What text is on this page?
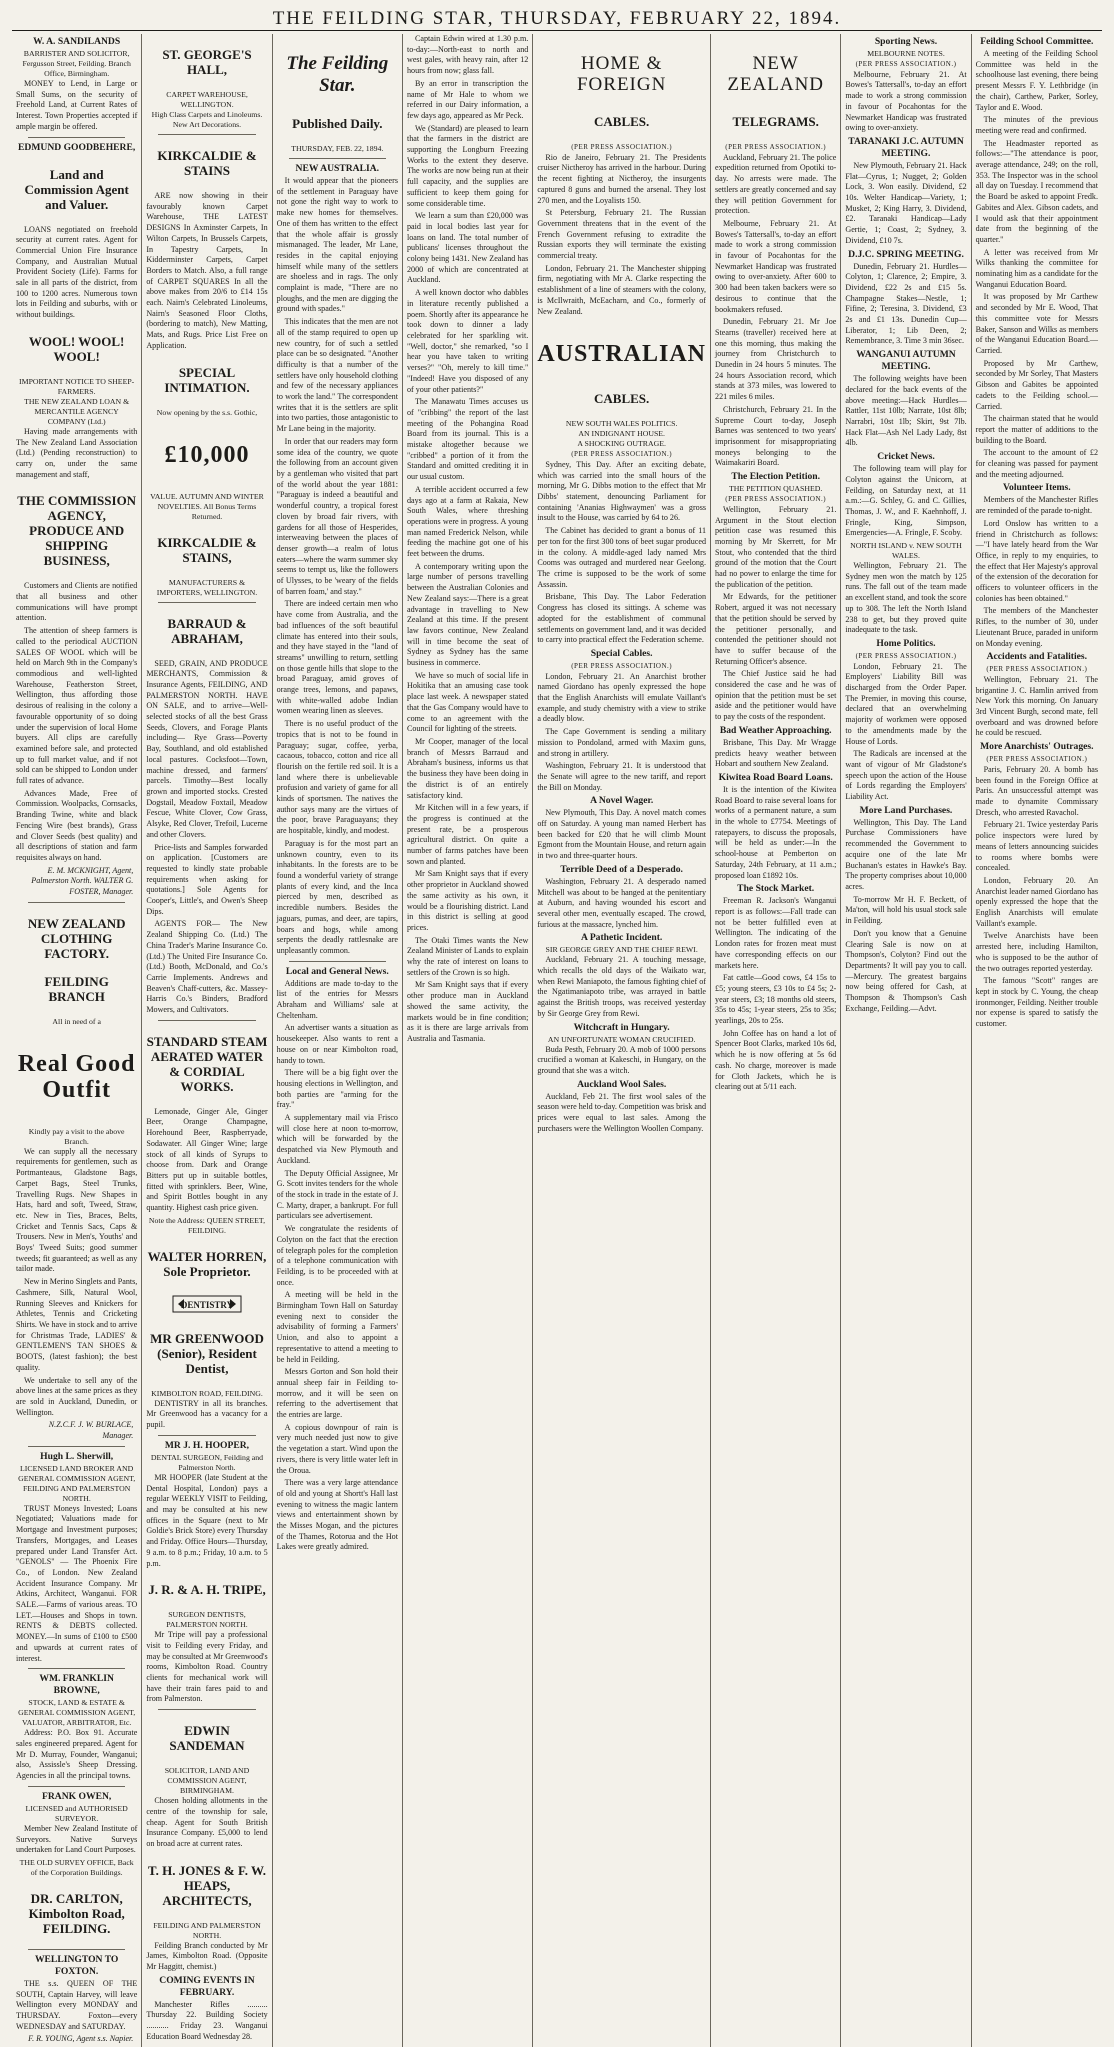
THE FEILDING STAR, THURSDAY, FEBRUARY 22, 1894.

W. A. SANDILANDS

BARRISTER AND SOLICITOR, Fergusson Street, Feilding. Branch Office, Birmingham.

MONEY to Lend, in Large or Small Sums, on the security of Freehold Land, at Current Rates of Interest. Town Properties accepted if ample margin be offered.

EDMUND GOODBEHERE,

Land and Commission Agent and Valuer.

LOANS negotiated on freehold security at current rates. Agent for Commercial Union Fire Insurance Company, and Australian Mutual Provident Society (Life). Farms for sale in all parts of the district, from 100 to 1200 acres. Numerous town lots in Feilding and suburbs, with or without buildings.

WOOL! WOOL! WOOL!

IMPORTANT NOTICE TO SHEEP-FARMERS.

THE NEW ZEALAND LOAN & MERCANTILE AGENCY COMPANY (Ltd.)

Having made arrangements with The New Zealand Land Association (Ltd.) (Pending reconstruction) to carry on, under the same management and staff,

THE COMMISSION AGENCY, PRODUCE AND SHIPPING BUSINESS,

Customers and Clients are notified that all business and other communications will have prompt attention.

The attention of sheep farmers is called to the periodical AUCTION SALES OF WOOL which will be held on March 9th in the Company's commodious and well-lighted Warehouse, Featherston Street, Wellington, thus affording those desirous of realising in the colony a favourable opportunity of so doing under the supervision of local Home buyers. All clips are carefully examined before sale, and protected up to full market value, and if not sold can be shipped to London under full rates of advance.

Advances Made, Free of Commission. Woolpacks, Cornsacks, Branding Twine, white and black Fencing Wire (best brands), Grass and Clover Seeds (best quality) and all descriptions of station and farm requisites always on hand.

E. M. MCKNIGHT, Agent, Palmerston North. WALTER G. FOSTER, Manager.

NEW ZEALAND CLOTHING FACTORY.

FEILDING BRANCH

All in need of a

Real Good Outfit

Kindly pay a visit to the above Branch.

We can supply all the necessary requirements for gentlemen, such as Portmanteaus, Gladstone Bags, Carpet Bags, Steel Trunks, Travelling Rugs. New Shapes in Hats, hard and soft, Tweed, Straw, etc. New in Ties, Braces, Belts, Cricket and Tennis Sacs, Caps & Trousers. New in Men's, Youths' and Boys' Tweed Suits; good summer tweeds; fit guaranteed; as well as any tailor made.

New in Merino Singlets and Pants, Cashmere, Silk, Natural Wool, Running Sleeves and Knickers for Athletes, Tennis and Cricketing Shirts. We have in stock and to arrive for Christmas Trade, LADIES' & GENTLEMEN'S TAN SHOES & BOOTS, (latest fashion); the best quality.

We undertake to sell any of the above lines at the same prices as they are sold in Auckland, Dunedin, or Wellington.

N.Z.C.F. J. W. BURLACE, Manager.

Hugh L. Sherwill,

LICENSED LAND BROKER AND GENERAL COMMISSION AGENT, FEILDING AND PALMERSTON NORTH.

TRUST Moneys Invested; Loans Negotiated; Valuations made for Mortgage and Investment purposes; Transfers, Mortgages, and Leases prepared under Land Transfer Act. "GENOLS" — The Phoenix Fire Co., of London. New Zealand Accident Insurance Company. Mr Atkins, Architect, Wanganui. FOR SALE.—Farms of various areas. TO LET.—Houses and Shops in town. RENTS & DEBTS collected. MONEY.—In sums of £100 to £500 and upwards at current rates of interest.

WM. FRANKLIN BROWNE,

STOCK, LAND & ESTATE & GENERAL COMMISSION AGENT, VALUATOR, ARBITRATOR, Etc.

Address: P.O. Box 91. Accurate sales engineered prepared. Agent for Mr D. Murray, Founder, Wanganui; also, Assissle's Sheep Dressing. Agencies in all the principal towns.

FRANK OWEN,

LICENSED and AUTHORISED SURVEYOR.

Member New Zealand Institute of Surveyors. Native Surveys undertaken for Land Court Purposes.

THE OLD SURVEY OFFICE, Back of the Corporation Buildings.

DR. CARLTON, Kimbolton Road, FEILDING.

WELLINGTON TO FOXTON.

THE s.s. QUEEN OF THE SOUTH, Captain Harvey, will leave Wellington every MONDAY and THURSDAY. Foxton—every WEDNESDAY and SATURDAY.

F. R. YOUNG, Agent s.s. Napier.

ST. GEORGE'S HALL,

CARPET WAREHOUSE, WELLINGTON.

High Class Carpets and Linoleums. New Art Decorations.

KIRKCALDIE & STAINS

ARE now showing in their favourably known Carpet Warehouse, THE LATEST DESIGNS In Axminster Carpets, In Wilton Carpets, In Brussels Carpets, In Tapestry Carpets, In Kidderminster Carpets, Carpet Borders to Match. Also, a full range of CARPET SQUARES In all the above makes from 20/6 to £14 15s each. Nairn's Celebrated Linoleums, Nairn's Seasoned Floor Cloths, (bordering to match), New Matting, Mats, and Rugs. Price List Free on Application.

SPECIAL INTIMATION.

Now opening by the s.s. Gothic,

£10,000

VALUE. AUTUMN AND WINTER NOVELTIES. All Bonus Terms Returned.

KIRKCALDIE & STAINS,

MANUFACTURERS & IMPORTERS, WELLINGTON.

BARRAUD & ABRAHAM,

SEED, GRAIN, AND PRODUCE MERCHANTS, Commission & Insurance Agents, FEILDING, AND PALMERSTON NORTH. HAVE ON SALE, and to arrive—Well-selected stocks of all the best Grass Seeds, Clovers, and Forage Plants including— Rye Grass—Poverty Bay, Southland, and old established local pastures. Cocksfoot—Town, machine dressed, and farmers' parcels. Timothy—Best locally grown and imported stocks. Crested Dogstail, Meadow Foxtail, Meadow Fescue, White Clover, Cow Grass, Alsyke, Red Clover, Trefoil, Lucerne and other Clovers.

Price-lists and Samples forwarded on application. [Customers are requested to kindly state probable requirements when asking for quotations.] Sole Agents for Cooper's, Little's, and Owen's Sheep Dips.

AGENTS FOR— The New Zealand Shipping Co. (Ltd.) The China Trader's Marine Insurance Co. (Ltd.) The United Fire Insurance Co. (Ltd.) Booth, McDonald, and Co.'s Carrie Implements. Andrews and Beaven's Chaff-cutters, &c. Massey-Harris Co.'s Binders, Bradford Mowers, and Cultivators.

STANDARD STEAM AERATED WATER & CORDIAL WORKS.

Lemonade, Ginger Ale, Ginger Beer, Orange Champagne, Horehound Beer, Raspberryade, Sodawater. All Ginger Wine; large stock of all kinds of Syrups to choose from. Dark and Orange Bitters put up in suitable bottles, fitted with sprinklers. Beer, Wine, and Spirit Bottles bought in any quantity. Highest cash price given.

Note the Address: QUEEN STREET, FEILDING.

WALTER HORREN, Sole Proprietor.

DENTISTRY

MR GREENWOOD (Senior), Resident Dentist,

KIMBOLTON ROAD, FEILDING.

DENTISTRY in all its branches. Mr Greenwood has a vacancy for a pupil.

MR J. H. HOOPER,

DENTAL SURGEON, Feilding and Palmerston North.

MR HOOPER (late Student at the Dental Hospital, London) pays a regular WEEKLY VISIT to Feilding, and may be consulted at his new offices in the Square (next to Mr Goldie's Brick Store) every Thursday and Friday. Office Hours—Thursday, 9 a.m. to 8 p.m.; Friday, 10 a.m. to 5 p.m.

J. R. & A. H. TRIPE,

SURGEON DENTISTS, PALMERSTON NORTH.

Mr Tripe will pay a professional visit to Feilding every Friday, and may be consulted at Mr Greenwood's rooms, Kimbolton Road. Country clients for mechanical work will have their train fares paid to and from Palmerston.

EDWIN SANDEMAN

SOLICITOR, LAND AND COMMISSION AGENT, BIRMINGHAM.

Chosen holding allotments in the centre of the township for sale, cheap. Agent for South British Insurance Company. £5,000 to lend on broad acre at current rates.

T. H. JONES & F. W. HEAPS, ARCHITECTS,

FEILDING AND PALMERSTON NORTH.

Feilding Branch conducted by Mr James, Kimbolton Road. (Opposite Mr Haggitt, chemist.)

COMING EVENTS IN FEBRUARY.

Manchester Rifles .......... Thursday 22. Building Society ........... Friday 23. Wanganui Education Board Wednesday 28.

The Feilding Star.

Published Daily.

THURSDAY, FEB. 22, 1894.

NEW AUSTRALIA.

It would appear that the pioneers of the settlement in Paraguay have not gone the right way to work to make new homes for themselves. One of them has written to the effect that the whole affair is grossly mismanaged. The leader, Mr Lane, resides in the capital enjoying himself while many of the settlers are shoeless and in rags. The only complaint is made, "There are no ploughs, and the men are digging the ground with spades."

This indicates that the men are not all of the stamp required to open up new country, for of such a settled place can be so designated. "Another difficulty is that a number of the settlers have only household clothing and few of the necessary appliances to work the land." The correspondent writes that it is the settlers are split into two parties, those antagonistic to Mr Lane being in the majority.

In order that our readers may form some idea of the country, we quote the following from an account given by a gentleman who visited that part of the world about the year 1881: "Paraguay is indeed a beautiful and wonderful country, a tropical forest cloven by broad fair rivers, with gardens for all those of Hesperides, interweaving between the places of denser growth—a realm of lotus eaters—where the warm summer sky seems to tempt us, like the followers of Ulysses, to be 'weary of the fields of barren foam,' and stay."

There are indeed certain men who have come from Australia, and the bad influences of the soft beautiful climate has entered into their souls, and they have stayed in the "land of streams" unwilling to return, settling on those gentle hills that slope to the broad Paraguay, amid groves of orange trees, lemons, and papaws, with white-walled adobe Indian women wearing linen as sleeves.

There is no useful product of the tropics that is not to be found in Paraguay; sugar, coffee, yerba, cacaous, tobacco, cotton and rice all flourish on the fertile red soil. It is a land where there is unbelievable profusion and variety of game for all kinds of sportsmen. The natives the author says many are the virtues of the poor, brave Paraguayans; they are hospitable, kindly, and modest.

Paraguay is for the most part an unknown country, even to its inhabitants. In the forests are to be found a wonderful variety of strange plants of every kind, and the Inca pierced by men, described as incredible numbers. Besides the jaguars, pumas, and deer, are tapirs, boars and hogs, while among serpents the deadly rattlesnake are unpleasantly common.

Local and General News.

Additions are made to-day to the list of the entries for Messrs Abraham and Williams' sale at Cheltenham.

An advertiser wants a situation as housekeeper. Also wants to rent a house on or near Kimbolton road, handy to town.

There will be a big fight over the housing elections in Wellington, and both parties are "arming for the fray."

A supplementary mail via Frisco will close here at noon to-morrow, which will be forwarded by the despatched via New Plymouth and Auckland.

The Deputy Official Assignee, Mr G. Scott invites tenders for the whole of the stock in trade in the estate of J. C. Marty, draper, a bankrupt. For full particulars see advertisement.

We congratulate the residents of Colyton on the fact that the erection of telegraph poles for the completion of a telephone communication with Feilding, is to be proceeded with at once.

A meeting will be held in the Birmingham Town Hall on Saturday evening next to consider the advisability of forming a Farmers' Union, and also to appoint a representative to attend a meeting to be held in Feilding.

Messrs Gorton and Son hold their annual sheep fair in Feilding to-morrow, and it will be seen on referring to the advertisement that the entries are large.

A copious downpour of rain is very much needed just now to give the vegetation a start. Wind upon the rivers, there is very little water left in the Oroua.

There was a very large attendance of old and young at Shortt's Hall last evening to witness the magic lantern views and entertainment shown by the Misses Mogan, and the pictures of the Thames, Rotorua and the Hot Lakes were greatly admired.

Captain Edwin wired at 1.30 p.m. to-day:—North-east to north and west gales, with heavy rain, after 12 hours from now; glass fall.

By an error in transcription the name of Mr Hale to whom we referred in our Dairy information, a few days ago, appeared as Mr Peck.

We (Standard) are pleased to learn that the farmers in the district are supporting the Longburn Freezing Works to the extent they deserve. The works are now being run at their full capacity, and the supplies are sufficient to keep them going for some considerable time.

We learn a sum than £20,000 was paid in local bodies last year for loans on land. The total number of publicans' licenses throughout the colony being 1431. New Zealand has 2000 of which are concentrated at Auckland.

A well known doctor who dabbles in literature recently published a poem. Shortly after its appearance he took down to dinner a lady celebrated for her sparkling wit. "Well, doctor," she remarked, "so I hear you have taken to writing verses?" "Oh, merely to kill time." "Indeed! Have you disposed of any of your other patients?"

The Manawatu Times accuses us of "cribbing" the report of the last meeting of the Pohangina Road Board from its journal. This is a mistake altogether because we "cribbed" a portion of it from the Standard and omitted crediting it in our usual custom.

A terrible accident occurred a few days ago at a farm at Rakaia, New South Wales, where threshing operations were in progress. A young man named Frederick Nelson, while feeding the machine got one of his feet between the drums.

A contemporary writing upon the large number of persons travelling between the Australian Colonies and New Zealand says:—There is a great advantage in travelling to New Zealand at this time. If the present law favors continue, New Zealand will in time become the seat of Sydney as Sydney has the same business in commerce.

We have so much of social life in Hokitika that an amusing case took place last week. A newspaper stated that the Gas Company would have to come to an agreement with the Council for lighting of the streets.

Mr Cooper, manager of the local branch of Messrs Barraud and Abraham's business, informs us that the business they have been doing in the district is of an entirely satisfactory kind.

Mr Kitchen will in a few years, if the progress is continued at the present rate, be a prosperous agricultural district. On quite a number of farms patches have been sown and planted.

Mr Sam Knight says that if every other proprietor in Auckland showed the same activity as his own, it would be a flourishing district. Land in this district is selling at good prices.

The Otaki Times wants the New Zealand Minister of Lands to explain why the rate of interest on loans to settlers of the Crown is so high.

Mr Sam Knight says that if every other produce man in Auckland showed the same activity, the markets would be in fine condition; as it is there are large arrivals from Australia and Tasmania.

HOME & FOREIGN

CABLES.

(PER PRESS ASSOCIATION.)

Rio de Janeiro, February 21. The Presidents cruiser Nictheroy has arrived in the harbour. During the recent fighting at Nictheroy, the insurgents captured 8 guns and burned the arsenal. They lost 270 men, and the Loyalists 150.

St Petersburg, February 21. The Russian Government threatens that in the event of the French Government refusing to extradite the Russian exports they will terminate the existing commercial treaty.

London, February 21. The Manchester shipping firm, negotiating with Mr A. Clarke respecting the establishment of a line of steamers with the colony, is McIlwraith, McEacharn, and Co., formerly of New Zealand.

AUSTRALIAN

CABLES.

NEW SOUTH WALES POLITICS.

AN INDIGNANT HOUSE.

A SHOCKING OUTRAGE.

(PER PRESS ASSOCIATION.)

Sydney, This Day. After an exciting debate, which was carried into the small hours of the morning, Mr G. Dibbs motion to the effect that Mr Dibbs' statement, denouncing Parliament for containing 'Ananias Highwaymen' was a gross insult to the House, was carried by 64 to 26.

The Cabinet has decided to grant a bonus of 11 per ton for the first 300 tons of beet sugar produced in the colony. A middle-aged lady named Mrs Cooms was outraged and murdered near Geelong. The crime is supposed to be the work of some Assassin.

Brisbane, This Day. The Labor Federation Congress has closed its sittings. A scheme was adopted for the establishment of communal settlements on government land, and it was decided to carry into practical effect the Federation scheme.

Special Cables.

(PER PRESS ASSOCIATION.)

London, February 21. An Anarchist brother named Giordano has openly expressed the hope that the English Anarchists will emulate Vaillant's example, and study chemistry with a view to strike a deadly blow.

The Cape Government is sending a military mission to Pondoland, armed with Maxim guns, and strong in artillery.

Washington, February 21. It is understood that the Senate will agree to the new tariff, and report the Bill on Monday.

A Novel Wager.

New Plymouth, This Day. A novel match comes off on Saturday. A young man named Herbert has been backed for £20 that he will climb Mount Egmont from the Mountain House, and return again in two and three-quarter hours.

Terrible Deed of a Desperado.

Washington, February 21. A desperado named Mitchell was about to be hanged at the penitentiary at Auburn, and having wounded his escort and several other men, eventually escaped. The crowd, furious at the massacre, lynched him.

A Pathetic Incident.

SIR GEORGE GREY AND THE CHIEF REWI.

Auckland, February 21. A touching message, which recalls the old days of the Waikato war, when Rewi Maniapoto, the famous fighting chief of the Ngatimaniapoto tribe, was arrayed in battle against the British troops, was received yesterday by Sir George Grey from Rewi.

Witchcraft in Hungary.

AN UNFORTUNATE WOMAN CRUCIFIED.

Buda Pesth, February 20. A mob of 1000 persons crucified a woman at Kakeschi, in Hungary, on the ground that she was a witch.

Auckland Wool Sales.

Auckland, Feb 21. The first wool sales of the season were held to-day. Competition was brisk and prices were equal to last sales. Among the purchasers were the Wellington Woollen Company.

NEW ZEALAND

TELEGRAMS.

(PER PRESS ASSOCIATION.)

Auckland, February 21. The police expedition returned from Opotiki to-day. No arrests were made. The settlers are greatly concerned and say they will petition Government for protection.

Melbourne, February 21. At Bowes's Tattersall's, to-day an effort made to work a strong commission in favour of Pocahontas for the Newmarket Handicap was frustrated owing to over-anxiety. After 600 to 300 had been taken backers were so desirous to continue that the bookmakers refused.

Dunedin, February 21. Mr Joe Stearns (traveller) received here at one this morning, thus making the journey from Christchurch to Dunedin in 24 hours 5 minutes. The 24 hours Association record, which stands at 373 miles, was lowered to 221 miles 6 miles.

Christchurch, February 21. In the Supreme Court to-day, Joseph Barnes was sentenced to two years' imprisonment for misappropriating moneys belonging to the Waimakariri Board.

The Election Petition.

THE PETITION QUASHED.

(PER PRESS ASSOCIATION.)

Wellington, February 21. Argument in the Stout election petition case was resumed this morning by Mr Skerrett, for Mr Stout, who contended that the third ground of the motion that the Court had no power to enlarge the time for the publication of the petition.

Mr Edwards, for the petitioner Robert, argued it was not necessary that the petition should be served by the petitioner personally, and contended the petitioner should not have to suffer because of the Returning Officer's absence.

The Chief Justice said he had considered the case and he was of opinion that the petition must be set aside and the petitioner would have to pay the costs of the respondent.

Bad Weather Approaching.

Brisbane, This Day. Mr Wragge predicts heavy weather between Hobart and southern New Zealand.

Kiwitea Road Board Loans.

It is the intention of the Kiwitea Road Board to raise several loans for works of a permanent nature, a sum in the whole to £7754. Meetings of ratepayers, to discuss the proposals, will be held as under:—In the school-house at Pemberton on Saturday, 24th February, at 11 a.m.; proposed loan £1892 10s.

The Stock Market.

Freeman R. Jackson's Wanganui report is as follows:—Fall trade can not be better fulfilled even at Wellington. The indicating of the London rates for frozen meat must have corresponding effects on our markets here.

Fat cattle—Good cows, £4 15s to £5; young steers, £3 10s to £4 5s; 2-year steers, £3; 18 months old steers, 35s to 45s; 1-year steers, 25s to 35s; yearlings, 20s to 25s.

John Coffee has on hand a lot of Spencer Boot Clarks, marked 10s 6d, which he is now offering at 5s 6d cash. No charge, moreover is made for Cloth Jackets, which he is clearing out at 5/11 each.

Sporting News.

MELBOURNE NOTES.

(PER PRESS ASSOCIATION.)

Melbourne, February 21. At Bowes's Tattersall's, to-day an effort made to work a strong commission in favour of Pocahontas for the Newmarket Handicap was frustrated owing to over-anxiety.

TARANAKI J.C. AUTUMN MEETING.

New Plymouth, February 21. Hack Flat—Cyrus, 1; Nugget, 2; Golden Lock, 3. Won easily. Dividend, £2 10s. Welter Handicap—Variety, 1; Musket, 2; King Harry, 3. Dividend, £2. Taranaki Handicap—Lady Gertie, 1; Coast, 2; Sydney, 3. Dividend, £10 7s.

D.J.C. SPRING MEETING.

Dunedin, February 21. Hurdles—Colyton, 1; Clarence, 2; Empire, 3. Dividend, £22 2s and £15 5s. Champagne Stakes—Nestle, 1; Fifine, 2; Teresina, 3. Dividend, £3 2s and £1 13s. Dunedin Cup—Liberator, 1; Lib Deen, 2; Remembrance, 3. Time 3 min 36sec.

WANGANUI AUTUMN MEETING.

The following weights have been declared for the back events of the above meeting:—Hack Hurdles—Rattler, 11st 10lb; Narrate, 10st 8lb; Narrabri, 10st 1lb; Skirt, 9st 7lb. Hack Flat—Ash Nel Lady Lady, 8st 4lb.

Cricket News.

The following team will play for Colyton against the Unicorn, at Feilding, on Saturday next, at 11 a.m.:—G. Schley, G. and C. Gillies, Thomas, J. W., and F. Kaehnhoff, J. Fringle, King, Simpson, Emergencies—A. Fringle, F. Scoby.

NORTH ISLAND v. NEW SOUTH WALES.

Wellington, February 21. The Sydney men won the match by 125 runs. The fall out of the team made an excellent stand, and took the score up to 308. The left the North Island 238 to get, but they proved quite inadequate to the task.

Home Politics.

(PER PRESS ASSOCIATION.)

London, February 21. The Employers' Liability Bill was discharged from the Order Paper. The Premier, in moving this course, declared that an overwhelming majority of workmen were opposed to the amendments made by the House of Lords.

The Radicals are incensed at the want of vigour of Mr Gladstone's speech upon the action of the House of Lords regarding the Employers' Liability Act.

More Land Purchases.

Wellington, This Day. The Land Purchase Commissioners have recommended the Government to acquire one of the late Mr Buchanan's estates in Hawke's Bay. The property comprises about 10,000 acres.

To-morrow Mr H. F. Beckett, of Ma'ton, will hold his usual stock sale in Feilding.

Don't you know that a Genuine Clearing Sale is now on at Thompson's, Colyton? Find out the Departments? It will pay you to call.—Mercury. The greatest bargains now being offered for Cash, at Thompson & Thompson's Cash Exchange, Feilding.—Advt.

Feilding School Committee.

A meeting of the Feilding School Committee was held in the schoolhouse last evening, there being present Messrs F. Y. Lethbridge (in the chair), Carthew, Parker, Sorley, Taylor and E. Wood.

The minutes of the previous meeting were read and confirmed.

The Headmaster reported as follows:—"The attendance is poor, average attendance, 249; on the roll, 353. The Inspector was in the school all day on Tuesday. I recommend that the Board be asked to appoint Fredk. Gabites and Alex. Gibson cadets, and I would ask that their appointment date from the beginning of the quarter."

A letter was received from Mr Wilks thanking the committee for nominating him as a candidate for the Wanganui Education Board.

It was proposed by Mr Carthew and seconded by Mr E. Wood, That this committee vote for Messrs Baker, Sanson and Wilks as members of the Wanganui Education Board.—Carried.

Proposed by Mr Carthew, seconded by Mr Sorley, That Masters Gibson and Gabites be appointed cadets to the Feilding school.—Carried.

The chairman stated that he would report the matter of additions to the building to the Board.

The account to the amount of £2 for cleaning was passed for payment and the meeting adjourned.

Volunteer Items.

Members of the Manchester Rifles are reminded of the parade to-night.

Lord Onslow has written to a friend in Christchurch as follows:—"I have lately heard from the War Office, in reply to my enquiries, to the effect that Her Majesty's approval of the extension of the decoration for officers to volunteer officers in the colonies has been obtained."

The members of the Manchester Rifles, to the number of 30, under Lieutenant Bruce, paraded in uniform on Monday evening.

Accidents and Fatalities.

(PER PRESS ASSOCIATION.)

Wellington, February 21. The brigantine J. C. Hamlin arrived from New York this morning. On January 3rd Vincent Burgh, second mate, fell overboard and was drowned before he could be rescued.

More Anarchists' Outrages.

(PER PRESS ASSOCIATION.)

Paris, February 20. A bomb has been found in the Foreign Office at Paris. An unsuccessful attempt was made to dynamite Commissary Dresch, who arrested Ravachol.

February 21. Twice yesterday Paris police inspectors were lured by means of letters announcing suicides to rooms where bombs were concealed.

London, February 20. An Anarchist leader named Giordano has openly expressed the hope that the English Anarchists will emulate Vaillant's example.

Twelve Anarchists have been arrested here, including Hamilton, who is supposed to be the author of the two outrages reported yesterday.

The famous "Scott" ranges are kept in stock by C. Young, the cheap ironmonger, Feilding. Neither trouble nor expense is spared to satisfy the customer.
